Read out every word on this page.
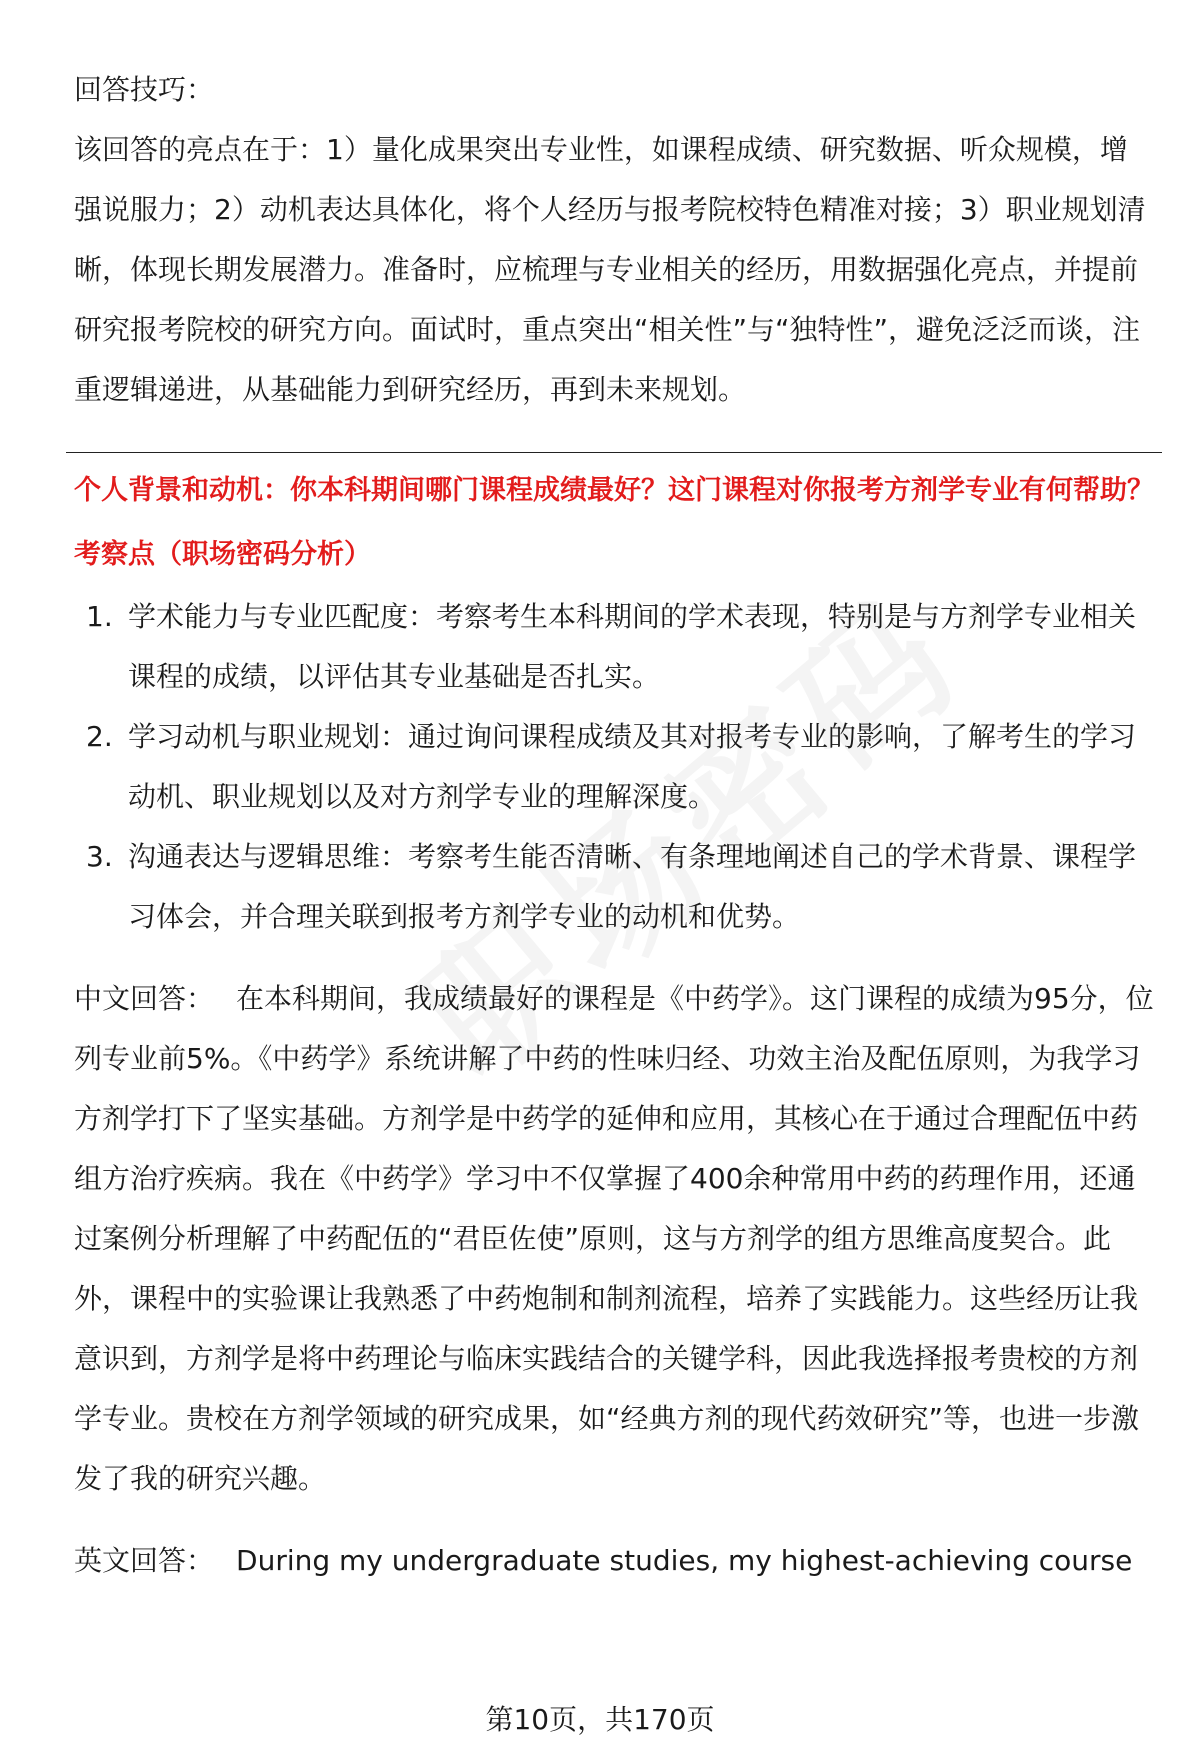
回答技巧：

该回答的亮点在于：1）量化成果突出专业性，如课程成绩、研究数据、听众规模，增强说服力；2）动机表达具体化，将个人经历与报考院校特色精准对接；3）职业规划清晰，体现长期发展潜力。准备时，应梳理与专业相关的经历，用数据强化亮点，并提前研究报考院校的研究方向。面试时，重点突出“相关性”与“独特性”，避免泛泛而谈，注重逻辑递进，从基础能力到研究经历，再到未来规划。

个人背景和动机：你本科期间哪门课程成绩最好？这门课程对你报考方剂学专业有何帮助？

考察点（职场密码分析）

1. 学术能力与专业匹配度：考察考生本科期间的学术表现，特别是与方剂学专业相关课程的成绩，以评估其专业基础是否扎实。
2. 学习动机与职业规划：通过询问课程成绩及其对报考专业的影响，了解考生的学习动机、职业规划以及对方剂学专业的理解深度。
3. 沟通表达与逻辑思维：考察考生能否清晰、有条理地阐述自己的学术背景、课程学习体会，并合理关联到报考方剂学专业的动机和优势。

中文回答： 在本科期间，我成绩最好的课程是《中药学》。这门课程的成绩为95分，位列专业前5%。《中药学》系统讲解了中药的性味归经、功效主治及配伍原则，为我学习方剂学打下了坚实基础。方剂学是中药学的延伸和应用，其核心在于通过合理配伍中药组方治疗疾病。我在《中药学》学习中不仅掌握了400余种常用中药的药理作用，还通过案例分析理解了中药配伍的“君臣佐使”原则，这与方剂学的组方思维高度契合。此外，课程中的实验课让我熟悉了中药炮制和制剂流程，培养了实践能力。这些经历让我意识到，方剂学是将中药理论与临床实践结合的关键学科，因此我选择报考贵校的方剂学专业。贵校在方剂学领域的研究成果，如“经典方剂的现代药效研究”等，也进一步激发了我的研究兴趣。

英文回答： During my undergraduate studies, my highest-achieving course

第10页，共170页
